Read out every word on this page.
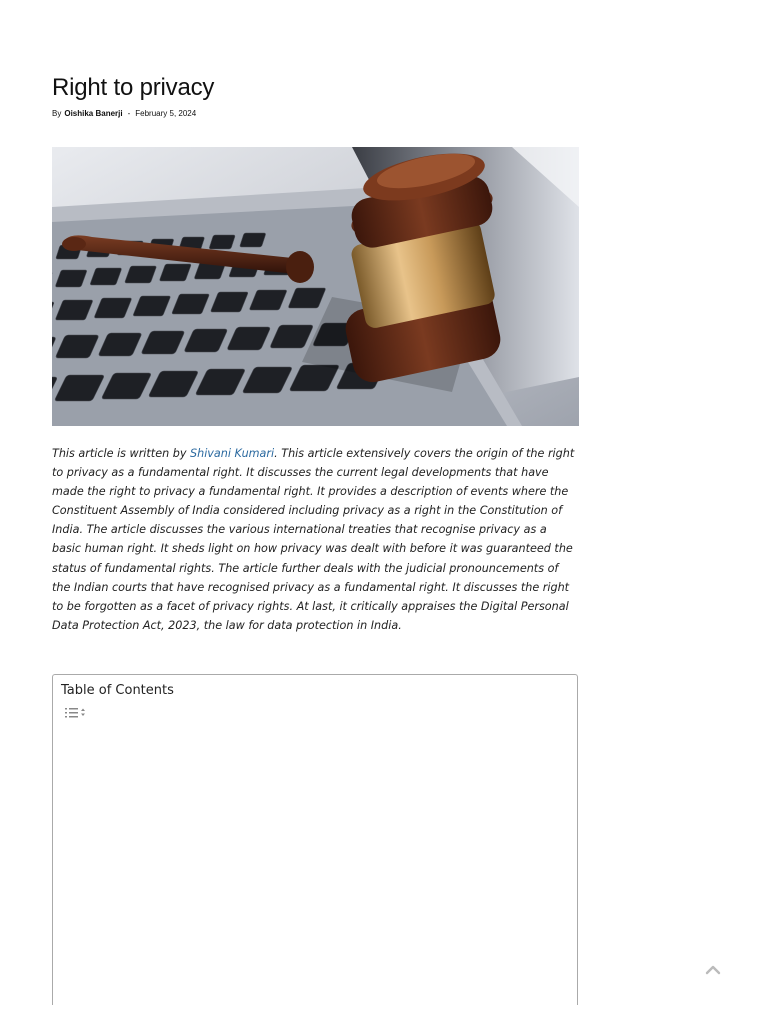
Right to privacy
By Oishika Banerji - February 5, 2024

This article is written by Shivani Kumari. This article extensively covers the origin of the right to privacy as a fundamental right. It discusses the current legal developments that have made the right to privacy a fundamental right. It provides a description of events where the Constituent Assembly of India considered including privacy as a right in the Constitution of India. The article discusses the various international treaties that recognise privacy as a basic human right. It sheds light on how privacy was dealt with before it was guaranteed the status of fundamental rights. The article further deals with the judicial pronouncements of the Indian courts that have recognised privacy as a fundamental right. It discusses the right to be forgotten as a facet of privacy rights. At last, it critically appraises the Digital Personal Data Protection Act, 2023, the law for data protection in India.

Table of Contents
